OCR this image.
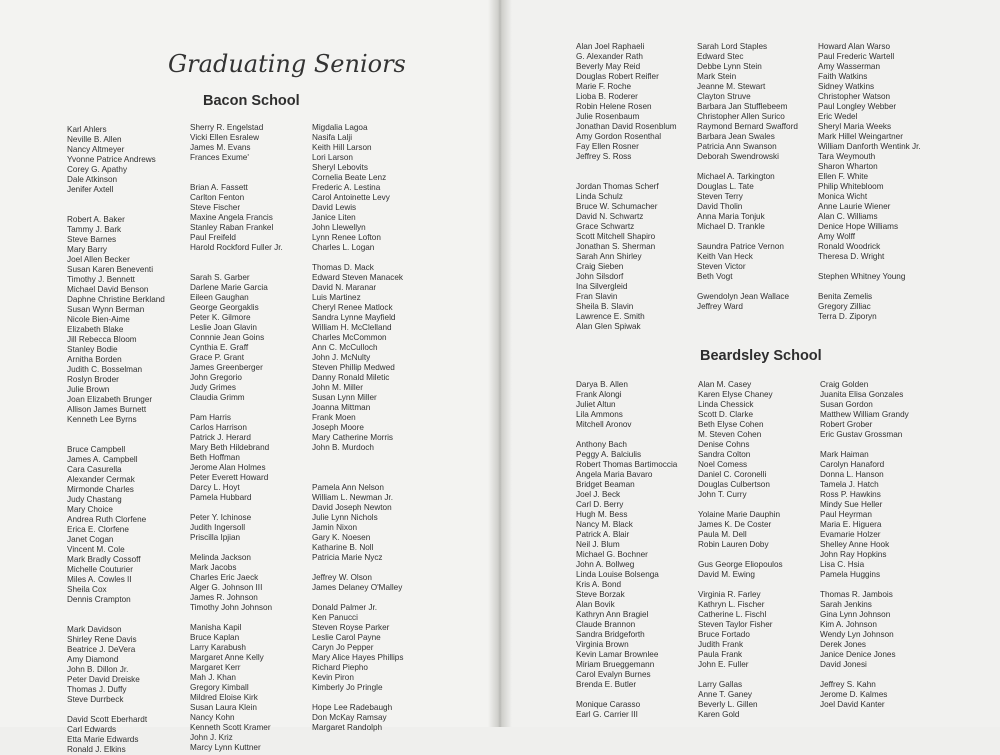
Graduating Seniors
Bacon School
Karl Ahlers
Neville B. Allen
Nancy Altmeyer
Yvonne Patrice Andrews
Corey G. Apathy
Dale Atkinson
Jenifer Axtell
Robert A. Baker
Tammy J. Bark
Steve Barnes
Mary Barry
Joel Allen Becker
Susan Karen Beneventi
Timothy J. Bennett
Michael David Benson
Daphne Christine Berkland
Susan Wynn Berman
Nicole Bien-Aime
Elizabeth Blake
Jill Rebecca Bloom
Stanley Bodie
Arnitha Borden
Judith C. Bosselman
Roslyn Broder
Julie Brown
Joan Elizabeth Brunger
Allison James Burnett
Kenneth Lee Byrns
Bruce Campbell
James A. Campbell
Cara Casurella
Alexander Cermak
Mirmonde Charles
Judy Chastang
Mary Choice
Andrea Ruth Clorfene
Erica E. Clorfene
Janet Cogan
Vincent M. Cole
Mark Bradly Cossoff
Michelle Couturier
Miles A. Cowles II
Sheila Cox
Dennis Crampton
Mark Davidson
Shirley Rene Davis
Beatrice J. DeVera
Amy Diamond
John B. Dillon Jr.
Peter David Dreiske
Thomas J. Duffy
Steve Durrbeck
David Scott Eberhardt
Carl Edwards
Etta Marie Edwards
Ronald J. Elkins
Sherry R. Engelstad
Vicki Ellen Esralew
James M. Evans
Frances Exume'
Brian A. Fassett
Carlton Fenton
Steve Fischer
Maxine Angela Francis
Stanley Raban Frankel
Paul Freifeld
Harold Rockford Fuller Jr.
Sarah S. Garber
Darlene Marie Garcia
Eileen Gaughan
George Georgaklis
Peter K. Gilmore
Leslie Joan Glavin
Connnie Jean Goins
Cynthia E. Graff
Grace P. Grant
James Greenberger
John Gregorio
Judy Grimes
Claudia Grimm
Pam Harris
Carlos Harrison
Patrick J. Herard
Mary Beth Hildebrand
Beth Hoffman
Jerome Alan Holmes
Peter Everett Howard
Darcy L. Hoyt
Pamela Hubbard
Peter Y. Ichinose
Judith Ingersoll
Priscilla Ipjian
Melinda Jackson
Mark Jacobs
Charles Eric Jaeck
Alger G. Johnson III
James R. Johnson
Timothy John Johnson
Manisha Kapil
Bruce Kaplan
Larry Karabush
Margaret Anne Kelly
Margaret Kerr
Mah J. Khan
Gregory Kimball
Mildred Eloise Kirk
Susan Laura Klein
Nancy Kohn
Kenneth Scott Kramer
John J. Kriz
Marcy Lynn Kuttner
Migdalia Lagoa
Nasifa Lalji
Keith Hill Larson
Lori Larson
Sheryl Lebovits
Cornelia Beate Lenz
Frederic A. Lestina
Carol Antoinette Levy
David Lewis
Janice Liten
John Llewellyn
Lynn Renee Lofton
Charles L. Logan
Thomas D. Mack
Edward Steven Manacek
David N. Maranar
Luis Martinez
Cheryl Renee Matlock
Sandra Lynne Mayfield
William H. McClelland
Charles McCommon
Ann C. McCulloch
John J. McNulty
Steven Phillip Medwed
Danny Ronald Miletic
John M. Miller
Susan Lynn Miller
Joanna Mittman
Frank Moen
Joseph Moore
Mary Catherine Morris
John B. Murdoch
Pamela Ann Nelson
William L. Newman Jr.
David Joseph Newton
Julie Lynn Nichols
Jamin Nixon
Gary K. Noesen
Katharine B. Noll
Patricia Marie Nycz
Jeffrey W. Olson
James Delaney O'Malley
Donald Palmer Jr.
Ken Panucci
Steven Royse Parker
Leslie Carol Payne
Caryn Jo Pepper
Mary Alice Hayes Phillips
Richard Piepho
Kevin Piron
Kimberly Jo Pringle
Hope Lee Radebaugh
Don McKay Ramsay
Margaret Randolph
Alan Joel Raphaeli
G. Alexander Rath
Beverly May Reid
Douglas Robert Reifler
Marie F. Roche
Lioba B. Roderer
Robin Helene Rosen
Julie Rosenbaum
Jonathan David Rosenblum
Amy Gordon Rosenthal
Fay Ellen Rosner
Jeffrey S. Ross
Jordan Thomas Scherf
Linda Schulz
Bruce W. Schumacher
David N. Schwartz
Grace Schwartz
Scott Mitchell Shapiro
Jonathan S. Sherman
Sarah Ann Shirley
Craig Sieben
John Silsdorf
Ina Silvergleid
Fran Slavin
Sheila B. Slavin
Lawrence E. Smith
Alan Glen Spiwak
Sarah Lord Staples
Edward Stec
Debbe Lynn Stein
Mark Stein
Jeanne M. Stewart
Clayton Struve
Barbara Jan Stufflebeem
Christopher Allen Surico
Raymond Bernard Swafford
Barbara Jean Swales
Patricia Ann Swanson
Deborah Swendrowski
Michael A. Tarkington
Douglas L. Tate
Steven Terry
David Tholin
Anna Maria Tonjuk
Michael D. Trankle
Saundra Patrice Vernon
Keith Van Heck
Steven Victor
Beth Vogt
Gwendolyn Jean Wallace
Jeffrey Ward
Howard Alan Warso
Paul Frederic Wartell
Amy Wasserman
Faith Watkins
Sidney Watkins
Christopher Watson
Paul Longley Webber
Eric Wedel
Sheryl Maria Weeks
Mark Hillel Weingartner
William Danforth Wentink Jr.
Tara Weymouth
Sharon Wharton
Ellen F. White
Philip Whitebloom
Monica Wicht
Anne Laurie Wiener
Alan C. Williams
Denice Hope Williams
Amy Wolff
Ronald Woodrick
Theresa D. Wright
Stephen Whitney Young
Benita Zemelis
Gregory Zilliac
Terra D. Ziporyn
Beardsley School
Darya B. Allen
Frank Alongi
Juliet Altun
Lila Ammons
Mitchell Aronov
Anthony Bach
Peggy A. Balciulis
Robert Thomas Bartimoccia
Angela Maria Bavaro
Bridget Beaman
Joel J. Beck
Carl D. Berry
Hugh M. Bess
Nancy M. Black
Patrick A. Blair
Neil J. Blum
Michael G. Bochner
John A. Bollweg
Linda Louise Bolsenga
Kris A. Bond
Steve Borzak
Alan Bovik
Kathryn Ann Bragiel
Claude Brannon
Sandra Bridgeforth
Virginia Brown
Kevin Lamar Brownlee
Miriam Brueggemann
Carol Evalyn Burnes
Brenda E. Butler
Monique Carasso
Earl G. Carrier III
Alan M. Casey
Karen Elyse Chaney
Linda Chessick
Scott D. Clarke
Beth Elyse Cohen
M. Steven Cohen
Denise Cohns
Sandra Colton
Noel Comess
Daniel C. Coronelli
Douglas Culbertson
John T. Curry
Yolaine Marie Dauphin
James K. De Coster
Paula M. Dell
Robin Lauren Doby
Gus George Eliopoulos
David M. Ewing
Virginia R. Farley
Kathryn L. Fischer
Catherine L. Fischl
Steven Taylor Fisher
Bruce Fortado
Judith Frank
Paula Frank
John E. Fuller
Larry Gallas
Anne T. Ganey
Beverly L. Gillen
Karen Gold
Craig Golden
Juanita Elisa Gonzales
Susan Gordon
Matthew William Grandy
Robert Grober
Eric Gustav Grossman
Mark Haiman
Carolyn Hanaford
Donna L. Hanson
Tamela J. Hatch
Ross P. Hawkins
Mindy Sue Heller
Paul Heyrman
Maria E. Higuera
Evamarie Holzer
Shelley Anne Hook
John Ray Hopkins
Lisa C. Hsia
Pamela Huggins
Thomas R. Jambois
Sarah Jenkins
Gina Lynn Johnson
Kim A. Johnson
Wendy Lyn Johnson
Derek Jones
Janice Denice Jones
David Jonesi
Jeffrey S. Kahn
Jerome D. Kalmes
Joel David Kanter
